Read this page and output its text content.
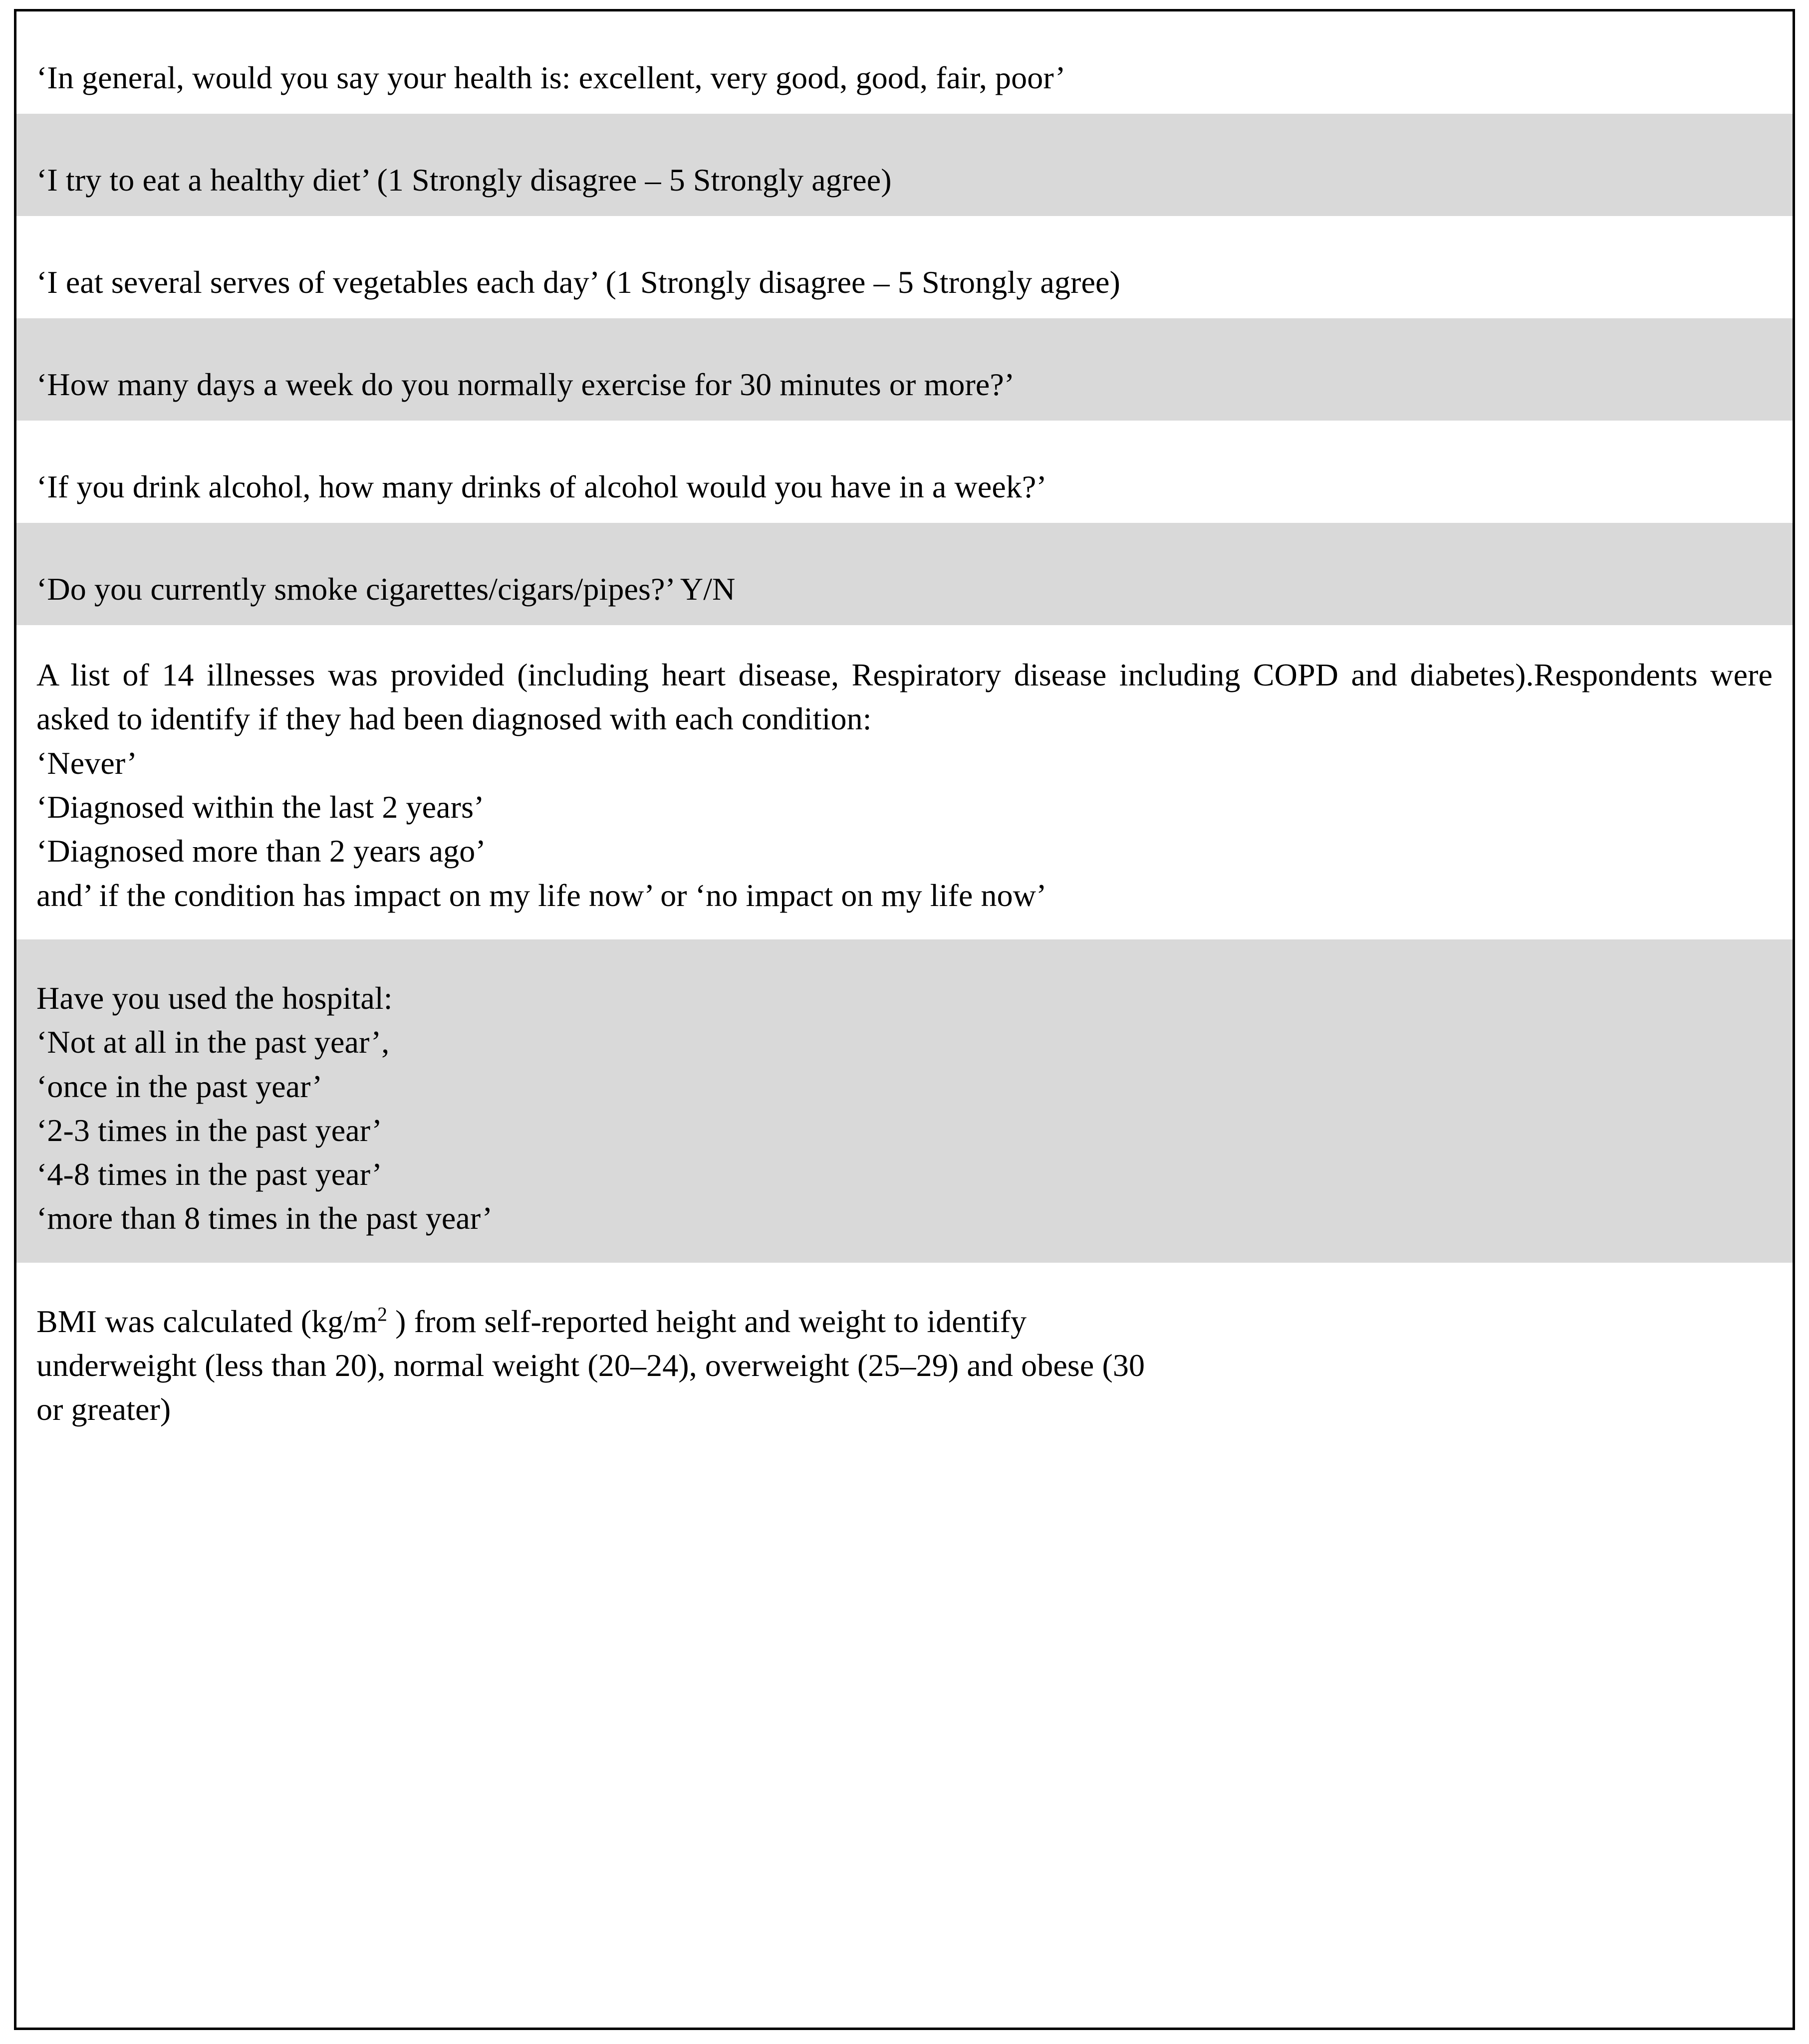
‘In general, would you say your health is: excellent, very good, good, fair, poor’
‘I try to eat a healthy diet’ (1 Strongly disagree – 5 Strongly agree)
‘I eat several serves of vegetables each day’ (1 Strongly disagree – 5 Strongly agree)
‘How many days a week do you normally exercise for 30 minutes or more?’
‘If you drink alcohol, how many drinks of alcohol would you have in a week?’
‘Do you currently smoke cigarettes/cigars/pipes?’ Y/N

A list of 14 illnesses was provided (including heart disease, Respiratory disease including COPD and diabetes).Respondents were asked to identify if they had been diagnosed with each condition:

‘Never’

‘Diagnosed within the last 2 years’

‘Diagnosed more than 2 years ago’

and’ if the condition has impact on my life now’ or ‘no impact on my life now’

Have you used the hospital:

‘Not at all in the past year’,

‘once in the past year’

‘2-3 times in the past year’

‘4-8 times in the past year’

‘more than 8 times in the past year’

BMI was calculated ($kg/m^2$ ) from self-reported height and weight to identify

underweight (less than 20), normal weight (20–24), overweight (25–29) and obese (30

or greater)
